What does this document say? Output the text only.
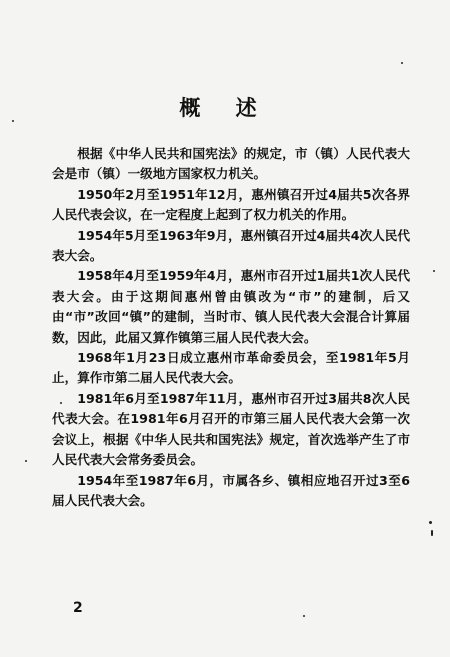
概 述

根据《中华人民共和国宪法》的规定，市（镇）人民代表大会是市（镇）一级地方国家权力机关。

1950年2月至1951年12月，惠州镇召开过4届共5次各界人民代表会议，在一定程度上起到了权力机关的作用。

1954年5月至1963年9月，惠州镇召开过4届共4次人民代表大会。

1958年4月至1959年4月，惠州市召开过1届共1次人民代表大会。由于这期间惠州曾由镇改为“市”的建制，后又由“市”改回“镇”的建制，当时市、镇人民代表大会混合计算届数，因此，此届又算作镇第三届人民代表大会。

1968年1月23日成立惠州市革命委员会，至1981年5月止，算作市第二届人民代表大会。

1981年6月至1987年11月，惠州市召开过3届共8次人民代表大会。在1981年6月召开的市第三届人民代表大会第一次会议上，根据《中华人民共和国宪法》规定，首次选举产生了市人民代表大会常务委员会。

1954年至1987年6月，市属各乡、镇相应地召开过3至6届人民代表大会。

2
